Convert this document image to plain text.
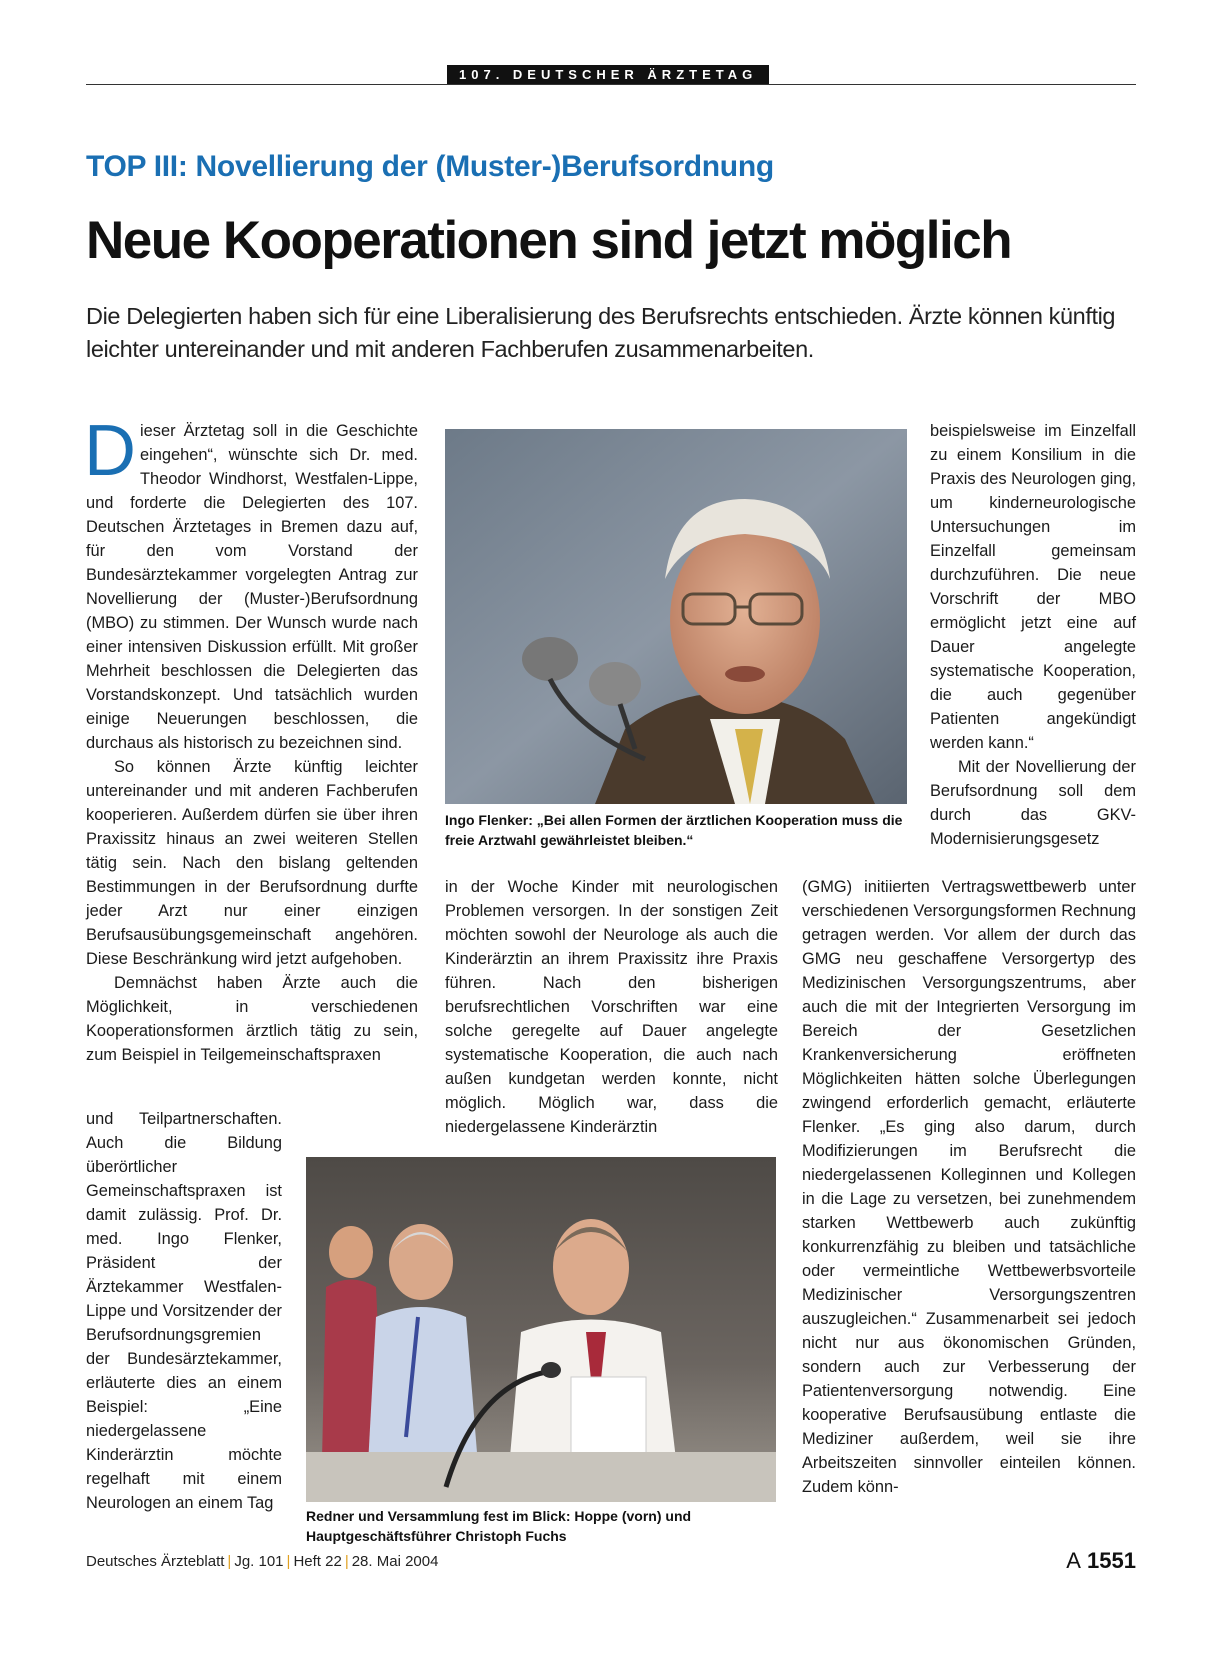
107. DEUTSCHER ÄRZTETAG
TOP III: Novellierung der (Muster-)Berufsordnung
Neue Kooperationen sind jetzt möglich
Die Delegierten haben sich für eine Liberalisierung des Berufsrechts entschieden. Ärzte können künftig leichter untereinander und mit anderen Fachberufen zusammenarbeiten.

Dieser Ärztetag soll in die Geschichte eingehen“, wünschte sich Dr. med. Theodor Windhorst, Westfalen-Lippe, und forderte die Delegierten des 107. Deutschen Ärztetages in Bremen dazu auf, für den vom Vorstand der Bundesärztekammer vorgelegten Antrag zur Novellierung der (Muster-)Berufsordnung (MBO) zu stimmen. Der Wunsch wurde nach einer intensiven Diskussion erfüllt. Mit großer Mehrheit beschlossen die Delegierten das Vorstandskonzept. Und tatsächlich wurden einige Neuerungen beschlossen, die durchaus als historisch zu bezeichnen sind.

So können Ärzte künftig leichter untereinander und mit anderen Fachberufen kooperieren. Außerdem dürfen sie über ihren Praxissitz hinaus an zwei weiteren Stellen tätig sein. Nach den bislang geltenden Bestimmungen in der Berufsordnung durfte jeder Arzt nur einer einzigen Berufsausübungsgemeinschaft angehören. Diese Beschränkung wird jetzt aufgehoben.

Demnächst haben Ärzte auch die Möglichkeit, in verschiedenen Kooperationsformen ärztlich tätig zu sein, zum Beispiel in Teilgemeinschaftspraxen

und Teilpartnerschaften. Auch die Bildung überörtlicher Gemeinschaftspraxen ist damit zulässig. Prof. Dr. med. Ingo Flenker, Präsident der Ärztekammer Westfalen-Lippe und Vorsitzender der Berufsordnungsgremien der Bundesärztekammer, erläuterte dies an einem Beispiel: „Eine niedergelassene Kinderärztin möchte regelhaft mit einem Neurologen an einem Tag

Ingo Flenker: „Bei allen Formen der ärztlichen Kooperation muss die freie Arztwahl gewährleistet bleiben.“

in der Woche Kinder mit neurologischen Problemen versorgen. In der sonstigen Zeit möchten sowohl der Neurologe als auch die Kinderärztin an ihrem Praxissitz ihre Praxis führen. Nach den bisherigen berufsrechtlichen Vorschriften war eine solche geregelte auf Dauer angelegte systematische Kooperation, die auch nach außen kundgetan werden konnte, nicht möglich. Möglich war, dass die niedergelassene Kinderärztin

beispielsweise im Einzelfall zu einem Konsilium in die Praxis des Neurologen ging, um kinderneurologische Untersuchungen im Einzelfall gemeinsam durchzuführen. Die neue Vorschrift der MBO ermöglicht jetzt eine auf Dauer angelegte systematische Kooperation, die auch gegenüber Patienten angekündigt werden kann.“

Mit der Novellierung der Berufsordnung soll dem durch das GKV-Modernisierungsgesetz

(GMG) initiierten Vertragswettbewerb unter verschiedenen Versorgungsformen Rechnung getragen werden. Vor allem der durch das GMG neu geschaffene Versorgertyp des Medizinischen Versorgungszentrums, aber auch die mit der Integrierten Versorgung im Bereich der Gesetzlichen Krankenversicherung eröffneten Möglichkeiten hätten solche Überlegungen zwingend erforderlich gemacht, erläuterte Flenker. „Es ging also darum, durch Modifizierungen im Berufsrecht die niedergelassenen Kolleginnen und Kollegen in die Lage zu versetzen, bei zunehmendem starken Wettbewerb auch zukünftig konkurrenzfähig zu bleiben und tatsächliche oder vermeintliche Wettbewerbsvorteile Medizinischer Versorgungszentren auszugleichen.“ Zusammenarbeit sei jedoch nicht nur aus ökonomischen Gründen, sondern auch zur Verbesserung der Patientenversorgung notwendig. Eine kooperative Berufsausübung entlaste die Mediziner außerdem, weil sie ihre Arbeitszeiten sinnvoller einteilen können. Zudem könn-

Redner und Versammlung fest im Blick: Hoppe (vorn) und Hauptgeschäftsführer Christoph Fuchs
Deutsches Ärzteblatt | Jg. 101 | Heft 22 | 28. Mai 2004	A 1551
